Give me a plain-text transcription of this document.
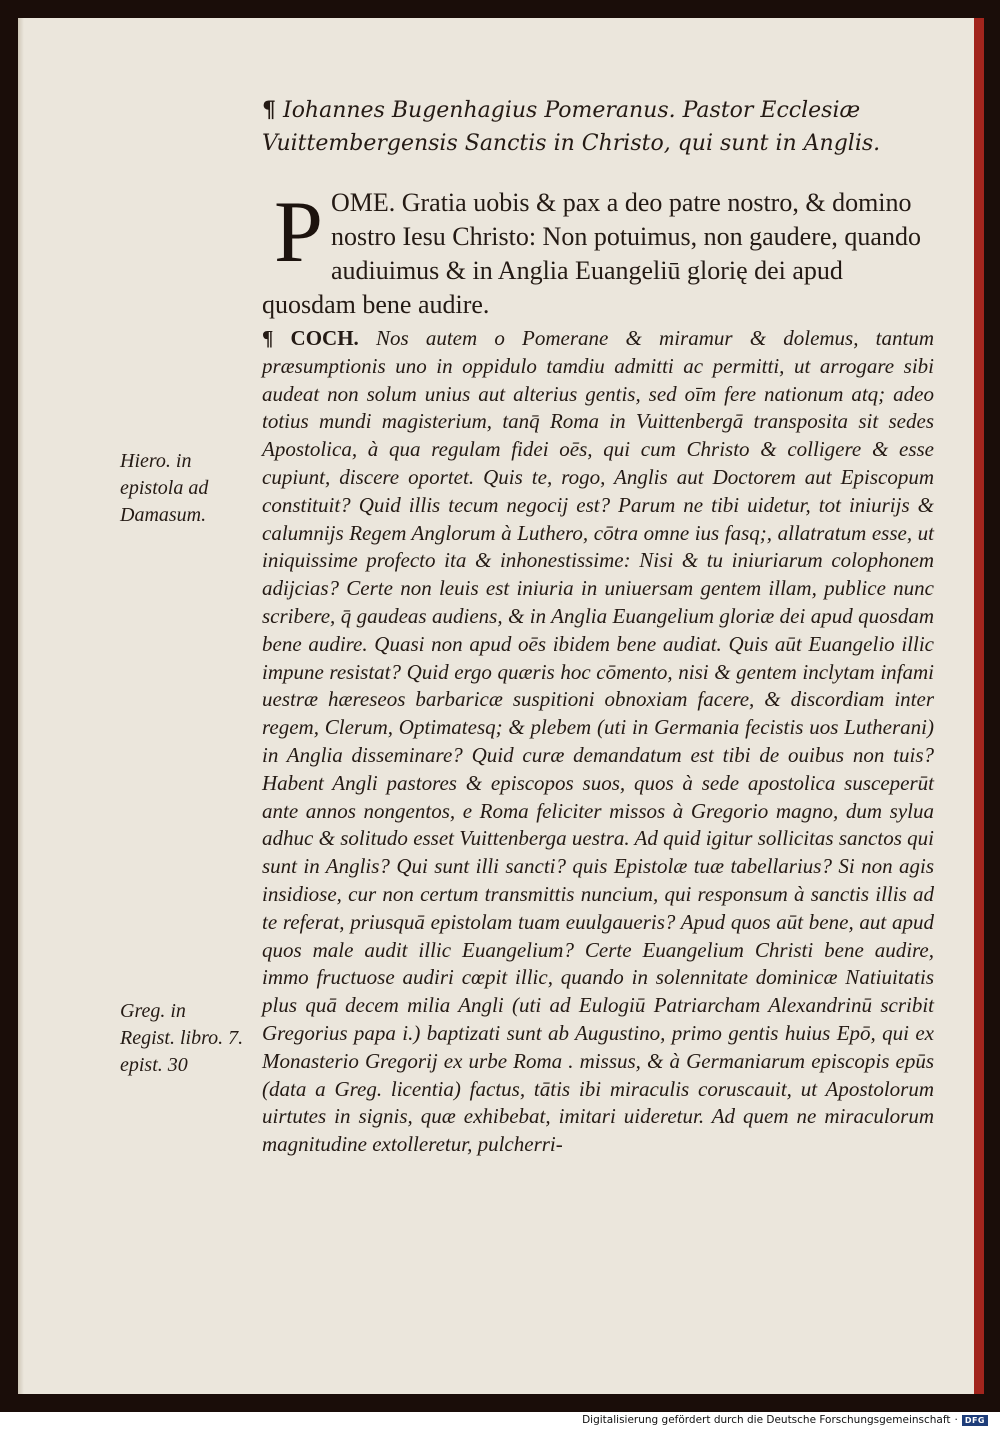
¶ Iohannes Bugenhagius Pomeranus. Pastor Ecclesiæ Vuittembergensis Sanctis in Christo, qui sunt in Anglis.
P OME. Gratia uobis & pax a deo patre nostro, & domino nostro Iesu Christo: Non potuimus, non gaudere, quando audiuimus & in Anglia Euangeliū glorię dei apud quosdam bene audire.

¶ COCH. Nos autem o Pomerane & miramur & dolemus, tantum præsumptionis uno in oppidulo tamdiu admitti ac permitti, ut arrogare sibi audeat non solum unius aut alterius gentis, sed oīm fere nationum atq; adeo totius mundi magisterium, tanq̄ Roma in Vuittenbergā transposita sit sedes Apostolica, à qua regulam fidei oēs, qui cum Christo & colligere & esse cupiunt, discere oportet. Quis te, rogo, Anglis aut Doctorem aut Episcopum constituit? Quid illis tecum negocij est? Parum ne tibi uidetur, tot iniurijs & calumnijs Regem Anglorum à Luthero, cōtra omne ius fasq;, allatratum esse, ut iniquissime profecto ita & inhonestissime: Nisi & tu iniuriarum colophonem adijcias? Certe non leuis est iniuria in uniuersam gentem illam, publice nunc scribere, q̄ gaudeas audiens, & in Anglia Euangelium gloriæ dei apud quosdam bene audire. Quasi non apud oēs ibidem bene audiat. Quis aūt Euangelio illic impune resistat? Quid ergo quæris hoc cōmento, nisi & gentem inclytam infami uestræ hæreseos barbaricæ suspitioni obnoxiam facere, & discordiam inter regem, Clerum, Optimatesq; & plebem (uti in Germania fecistis uos Lutherani) in Anglia disseminare? Quid curæ demandatum est tibi de ouibus non tuis? Habent Angli pastores & episcopos suos, quos à sede apostolica susceperūt ante annos nongentos, e Roma feliciter missos à Gregorio magno, dum sylua adhuc & solitudo esset Vuittenberga uestra. Ad quid igitur sollicitas sanctos qui sunt in Anglis? Qui sunt illi sancti? quis Epistolæ tuæ tabellarius? Si non agis insidiose, cur non certum transmittis nuncium, qui responsum à sanctis illis ad te referat, priusquā epistolam tuam euulgaueris? Apud quos aūt bene, aut apud quos male audit illic Euangelium? Certe Euangelium Christi bene audire, immo fructuose audiri cœpit illic, quando in solennitate dominicæ Natiuitatis plus quā decem milia Angli (uti ad Eulogiū Patriarcham Alexandrinū scribit Gregorius papa i.) baptizati sunt ab Augustino, primo gentis huius Epō, qui ex Monasterio Gregorij ex urbe Roma . missus, & à Germaniarum episcopis epūs (data a Greg. licentia) factus, tātis ibi miraculis coruscauit, ut Apostolorum uirtutes in signis, quæ exhibebat, imitari uideretur. Ad quem ne miraculorum magnitudine extolleretur, pulcherri-

Hiero. in epistola ad Damasum.
Greg. in Regist. libro. 7. epist. 30
Digitalisierung gefördert durch die Deutsche Forschungsgemeinschaft · DFG
